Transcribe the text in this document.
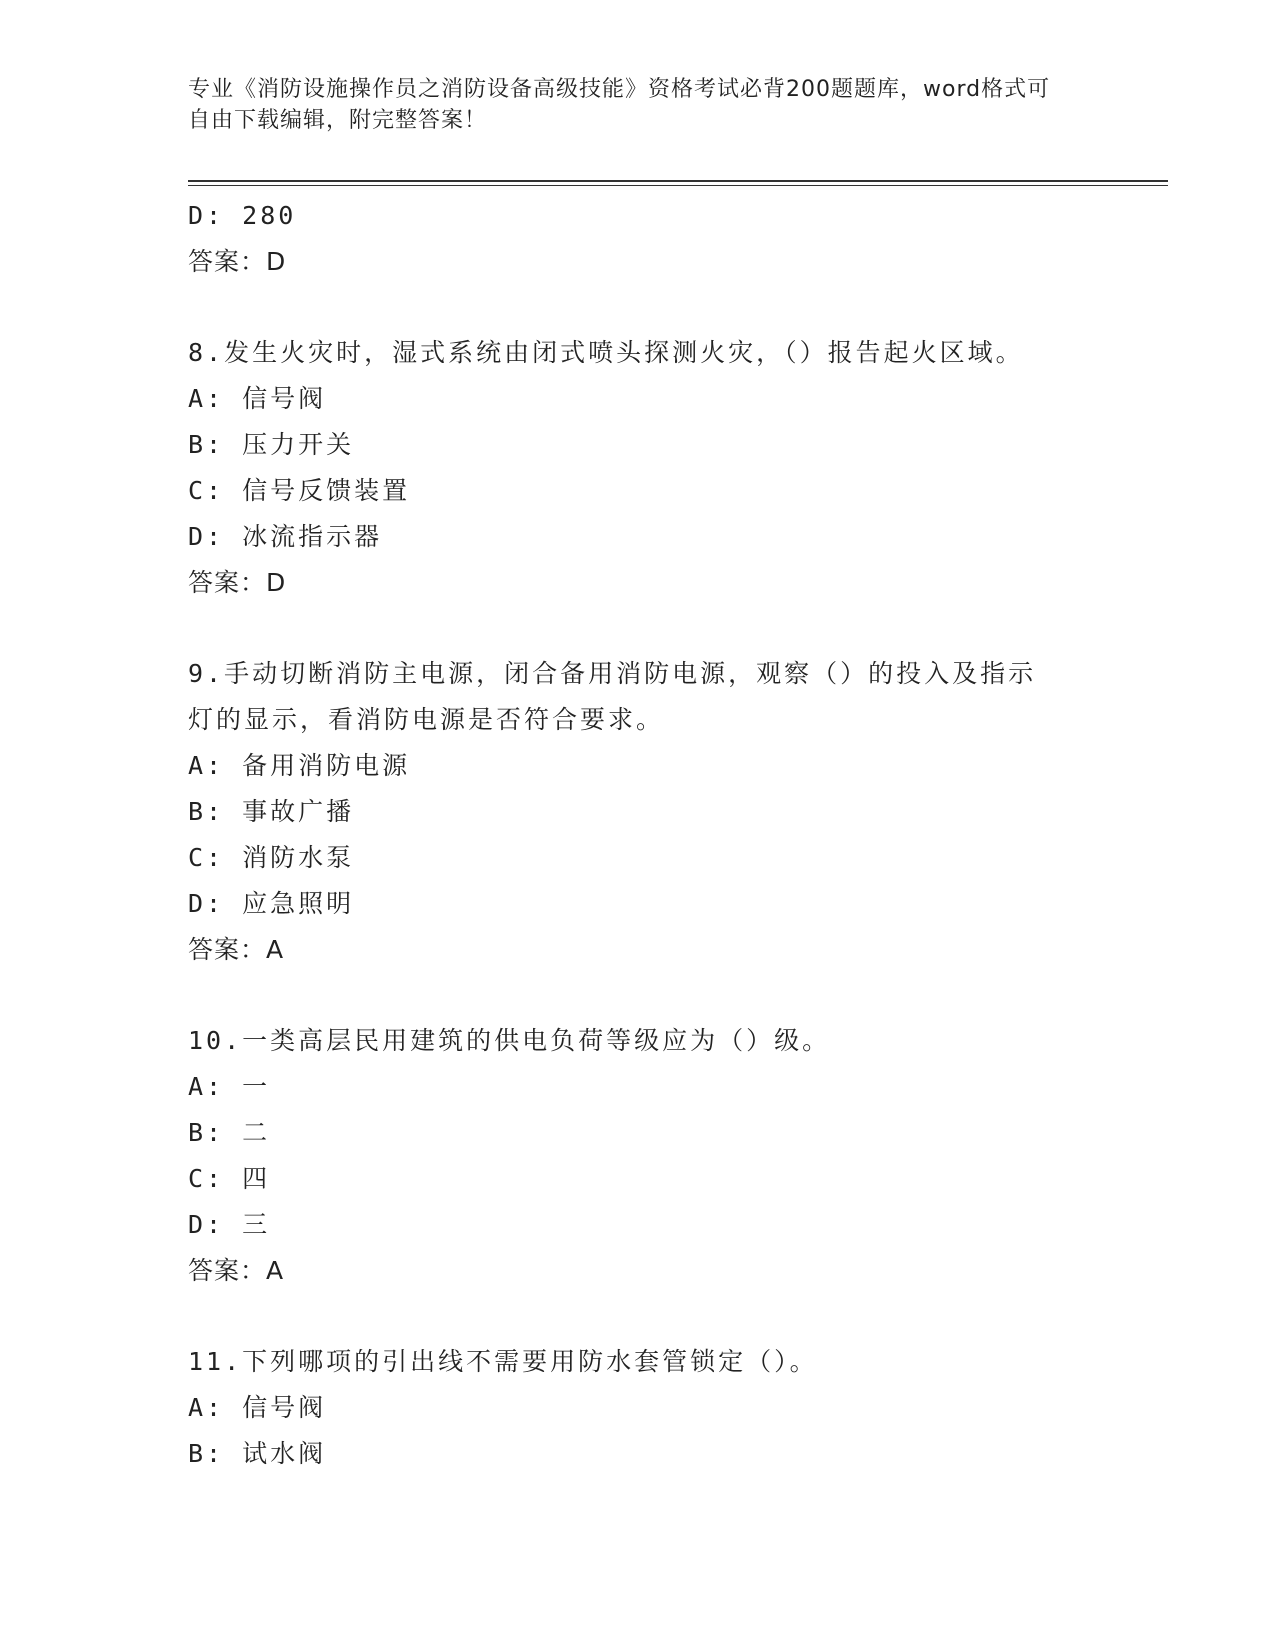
专业《消防设施操作员之消防设备高级技能》资格考试必背200题题库，word格式可自由下载编辑，附完整答案！
D: 280
答案：D
8.发生火灾时，湿式系统由闭式喷头探测火灾，（）报告起火区域。
A: 信号阀
B: 压力开关
C: 信号反馈装置
D: 冰流指示器
答案：D
9.手动切断消防主电源，闭合备用消防电源，观察（）的投入及指示灯的显示，看消防电源是否符合要求。
A: 备用消防电源
B: 事故广播
C: 消防水泵
D: 应急照明
答案：A
10.一类高层民用建筑的供电负荷等级应为（）级。
A: 一
B: 二
C: 四
D: 三
答案：A
11.下列哪项的引出线不需要用防水套管锁定（）。
A: 信号阀
B: 试水阀
